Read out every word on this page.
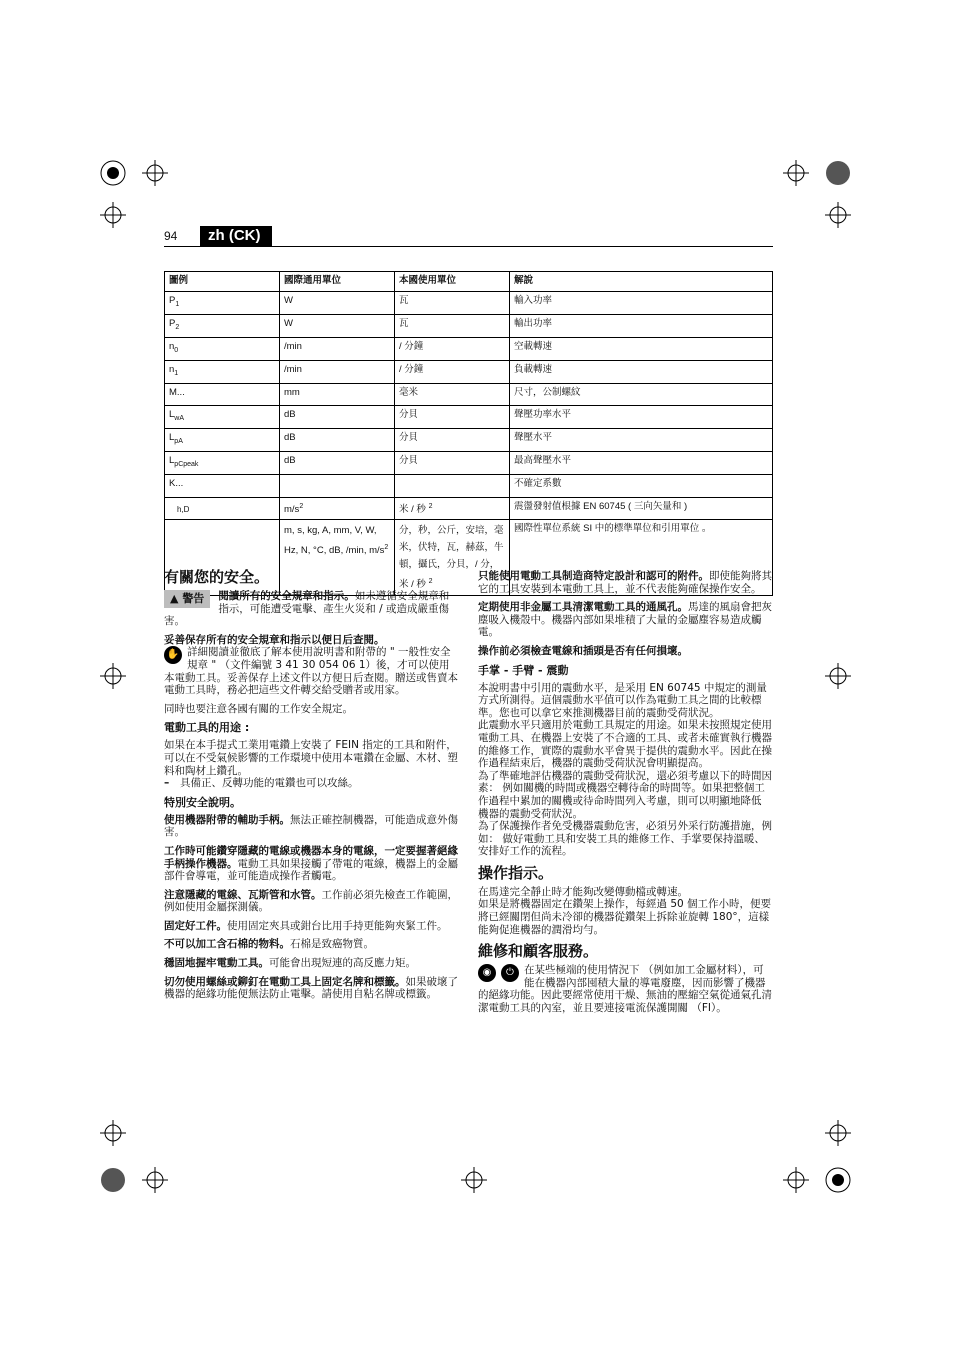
94	zh (CK)
圖例	國際通用單位	本國使用單位	解說
$P_1$	W	瓦	輸入功率
$P_2$	W	瓦	輸出功率
$n_0$	/min	/ 分鐘	空載轉速
$n_1$	/min	/ 分鐘	負載轉速
M...	mm	毫米	尺寸，公制螺紋
$L_{wA}$	dB	分貝	聲壓功率水平
$L_{pA}$	dB	分貝	聲壓水平
$L_{pCpeak}$	dB	分貝	最高聲壓水平
K...			不確定系數
h,D	$m/s^2$	米 / 秒 $^2$	震盪發射值根據 EN 60745 ( 三向矢量和 )
	m, s, kg, A, mm, V, W, Hz, N, °C, dB, /min, $m/s^2$	分，秒，公斤，安培，毫米，伏特，瓦，赫茲，牛頓，攝氏，分貝，/ 分，米 / 秒 $^2$	國際性單位系統 SI 中的標準單位和引用單位 。
有關您的安全。

▲ 警告	閱讀所有的安全規章和指示。如未遵循安全規章和指示，可能遭受電擊、產生火災和 / 或造成嚴重傷害。

妥善保存所有的安全規章和指示以便日后查閱。

✋ 詳細閱讀並徹底了解本使用說明書和附帶的 " 一般性安全規章 " （文件編號 3 41 30 054 06 1）後，才可以使用本電動工具。妥善保存上述文件以方便日后查閱。贈送或售賣本電動工具時，務必把這些文件轉交給受贈者或用家。

同時也要注意各國有關的工作安全規定。

電動工具的用途 :

如果在本手提式工業用電鑽上安裝了 FEIN 指定的工具和附件，可以在不受氣候影響的工作環境中使用本電鑽在金屬、木材、塑料和陶材上鑽孔。

– 具備正、反轉功能的電鑽也可以攻絲。

特別安全說明。

使用機器附帶的輔助手柄。無法正確控制機器，可能造成意外傷害。

工作時可能鑽穿隱藏的電線或機器本身的電線，一定要握著絕緣手柄操作機器。電動工具如果接觸了帶電的電線，機器上的金屬部件會導電，並可能造成操作者觸電。

注意隱藏的電線、瓦斯管和水管。工作前必須先檢查工作範圍，例如使用金屬探測儀。

固定好工件。使用固定夾具或鉗台比用手持更能夠夾緊工件。

不可以加工含石棉的物料。石棉是致癌物質。

穩固地握牢電動工具。可能會出現短連的高反應力矩。

切勿使用螺絲或鉚釘在電動工具上固定名牌和標籤。如果破壞了機器的絕緣功能便無法防止電擊。請使用自粘名牌或標籤。

只能使用電動工具制造商特定設計和認可的附件。即使能夠將其它的工具安裝到本電動工具上，並不代表能夠確保操作安全。

定期使用非金屬工具清潔電動工具的通風孔。馬達的風扇會把灰塵吸入機殼中。機器內部如果堆積了大量的金屬塵容易造成觸電。

操作前必須檢查電線和插頭是否有任何損壞。

手掌 - 手臂 - 震動

本說明書中引用的震動水平，是采用 EN 60745 中規定的測量方式所測得。這個震動水平值可以作為電動工具之間的比較標準。您也可以拿它來推測機器目前的震動受荷狀況。

此震動水平只適用於電動工具規定的用途。如果未按照規定使用電動工具、在機器上安裝了不合適的工具、或者未確實執行機器的維修工作，實際的震動水平會異于提供的震動水平。因此在操作過程結束后，機器的震動受荷狀況會明顯提高。

為了準確地評估機器的震動受荷狀況，還必須考慮以下的時間因素： 例如關機的時間或機器空轉待命的時間等。如果把整個工作過程中累加的關機或待命時間列入考慮，則可以明顯地降低 機器的震動受荷狀況。

為了保護操作者免受機器震動危害，必須另外采行防護措施，例如： 做好電動工具和安裝工具的維修工作、手掌要保持溫暖、安排好工作的流程。

操作指示。

在馬達完全靜止時才能夠改變傳動檔或轉速。

如果是將機器固定在鑽架上操作，每經過 50 個工作小時，便要將已經關閉但尚未冷卻的機器從鑽架上拆除並旋轉 180°，這樣能夠促進機器的潤滑均勻。

維修和顧客服務。

◉	⏻ 在某些極端的使用情況下 （例如加工金屬材料），可能在機器內部囤積大量的導電廢塵，因而影響了機器的絕緣功能。因此要經常使用干燥、無油的壓縮空氣從通氣孔清潔電動工具的內室，並且要連接電流保護開關 （FI）。
